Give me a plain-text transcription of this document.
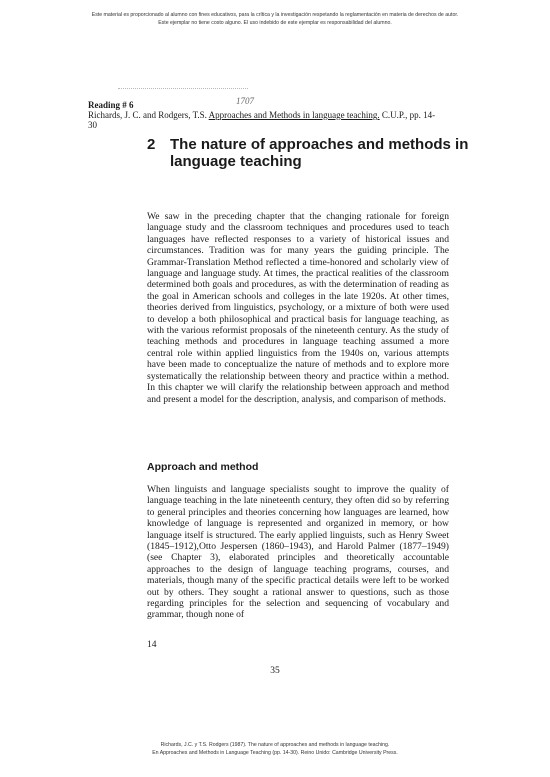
Este material es proporcionado al alumno con fines educativos, para la crítica y la investigación respetando la reglamentación en materia de derechos de autor.
Este ejemplar no tiene costo alguno. El uso indebido de este ejemplar es responsabilidad del alumno.
Reading # 6	1707
Richards, J. C. and Rodgers, T.S. Approaches and Methods in language teaching. C.U.P., pp. 14-
30
2 The nature of approaches and methods in language teaching
We saw in the preceding chapter that the changing rationale for foreign language study and the classroom techniques and procedures used to teach languages have reflected responses to a variety of historical issues and circumstances. Tradition was for many years the guiding principle. The Grammar-Translation Method reflected a time-honored and scholarly view of language and language study. At times, the practical realities of the classroom determined both goals and procedures, as with the determination of reading as the goal in American schools and colleges in the late 1920s. At other times, theories derived from linguistics, psychology, or a mixture of both were used to develop a both philosophical and practical basis for language teaching, as with the various reformist proposals of the nineteenth century. As the study of teaching methods and procedures in language teaching assumed a more central role within applied linguistics from the 1940s on, various attempts have been made to conceptualize the nature of methods and to explore more systematically the relationship between theory and practice within a method. In this chapter we will clarify the relationship between approach and method and present a model for the description, analysis, and comparison of methods.
Approach and method
When linguists and language specialists sought to improve the quality of language teaching in the late nineteenth century, they often did so by referring to general principles and theories concerning how languages are learned, how knowledge of language is represented and organized in memory, or how language itself is structured. The early applied linguists, such as Henry Sweet (1845–1912),Otto Jespersen (1860–1943), and Harold Palmer (1877–1949) (see Chapter 3), elaborated principles and theoretically accountable approaches to the design of language teaching programs, courses, and materials, though many of the specific practical details were left to be worked out by others. They sought a rational answer to questions, such as those regarding principles for the selection and sequencing of vocabulary and grammar, though none of
14
35
Richards, J.C. y T.S. Rodgers (1987). The nature of approaches and methods in language teaching.
En Approaches and Methods in Language Teaching (pp. 14-30). Reino Unido: Cambridge University Press.
